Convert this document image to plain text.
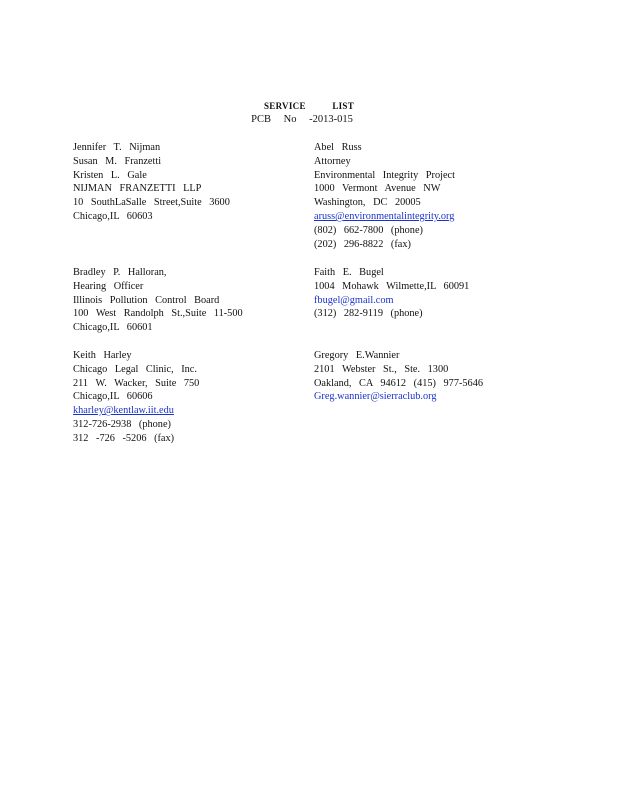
SERVICE LIST
PCB No -2013-015
Jennifer T. Nijman
Susan M. Franzetti
Kristen L. Gale
NIJMAN FRANZETTI LLP
10 SouthLaSalle Street,Suite 3600
Chicago,IL 60603
Abel Russ
Attorney
Environmental Integrity Project
1000 Vermont Avenue NW
Washington, DC 20005
aruss@environmentalintegrity.org
(802) 662-7800 (phone)
(202) 296-8822 (fax)
Bradley P. Halloran,
Hearing Officer
Illinois Pollution Control Board
100 West Randolph St.,Suite 11-500
Chicago,IL 60601
Faith E. Bugel
1004 Mohawk Wilmette,IL 60091
fbugel@gmail.com
(312) 282-9119 (phone)
Keith Harley
Chicago Legal Clinic, Inc.
211 W. Wacker, Suite 750
Chicago,IL 60606
kharley@kentlaw.iit.edu
312-726-2938 (phone)
312 -726 -5206 (fax)
Gregory E.Wannier
2101 Webster St., Ste. 1300
Oakland, CA 94612 (415) 977-5646
Greg.wannier@sierraclub.org
